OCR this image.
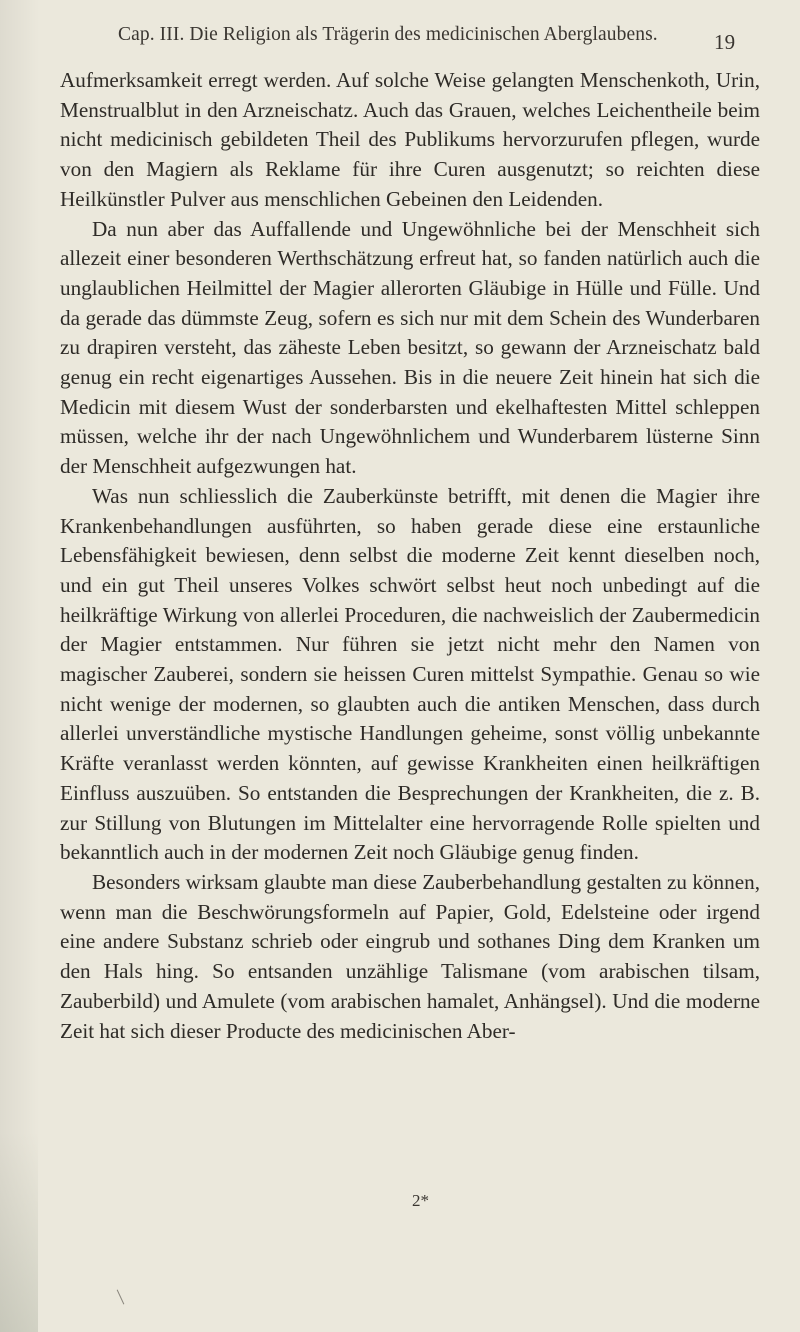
Cap. III. Die Religion als Trägerin des medicinischen Aberglaubens.	19

Aufmerksamkeit erregt werden. Auf solche Weise gelangten Menschenkoth, Urin, Menstrualblut in den Arzneischatz. Auch das Grauen, welches Leichentheile beim nicht medicinisch gebildeten Theil des Publikums hervorzurufen pflegen, wurde von den Magiern als Reklame für ihre Curen ausgenutzt; so reichten diese Heilkünstler Pulver aus menschlichen Gebeinen den Leidenden.

Da nun aber das Auffallende und Ungewöhnliche bei der Menschheit sich allezeit einer besonderen Werthschätzung erfreut hat, so fanden natürlich auch die unglaublichen Heilmittel der Magier allerorten Gläubige in Hülle und Fülle. Und da gerade das dümmste Zeug, sofern es sich nur mit dem Schein des Wunderbaren zu drapiren versteht, das zäheste Leben besitzt, so gewann der Arzneischatz bald genug ein recht eigenartiges Aussehen. Bis in die neuere Zeit hinein hat sich die Medicin mit diesem Wust der sonderbarsten und ekelhaftesten Mittel schleppen müssen, welche ihr der nach Ungewöhnlichem und Wunderbarem lüsterne Sinn der Menschheit aufgezwungen hat.

Was nun schliesslich die Zauberkünste betrifft, mit denen die Magier ihre Krankenbehandlungen ausführten, so haben gerade diese eine erstaunliche Lebensfähigkeit bewiesen, denn selbst die moderne Zeit kennt dieselben noch, und ein gut Theil unseres Volkes schwört selbst heut noch unbedingt auf die heilkräftige Wirkung von allerlei Proceduren, die nachweislich der Zaubermedicin der Magier entstammen. Nur führen sie jetzt nicht mehr den Namen von magischer Zauberei, sondern sie heissen Curen mittelst Sympathie. Genau so wie nicht wenige der modernen, so glaubten auch die antiken Menschen, dass durch allerlei unverständliche mystische Handlungen geheime, sonst völlig unbekannte Kräfte veranlasst werden könnten, auf gewisse Krankheiten einen heilkräftigen Einfluss auszuüben. So entstanden die Besprechungen der Krankheiten, die z. B. zur Stillung von Blutungen im Mittelalter eine hervorragende Rolle spielten und bekanntlich auch in der modernen Zeit noch Gläubige genug finden.

Besonders wirksam glaubte man diese Zauberbehandlung gestalten zu können, wenn man die Beschwörungsformeln auf Papier, Gold, Edelsteine oder irgend eine andere Substanz schrieb oder eingrub und sothanes Ding dem Kranken um den Hals hing. So entsanden unzählige Talismane (vom arabischen tilsam, Zauberbild) und Amulete (vom arabischen hamalet, Anhängsel). Und die moderne Zeit hat sich dieser Producte des medicinischen Aber-

2*
